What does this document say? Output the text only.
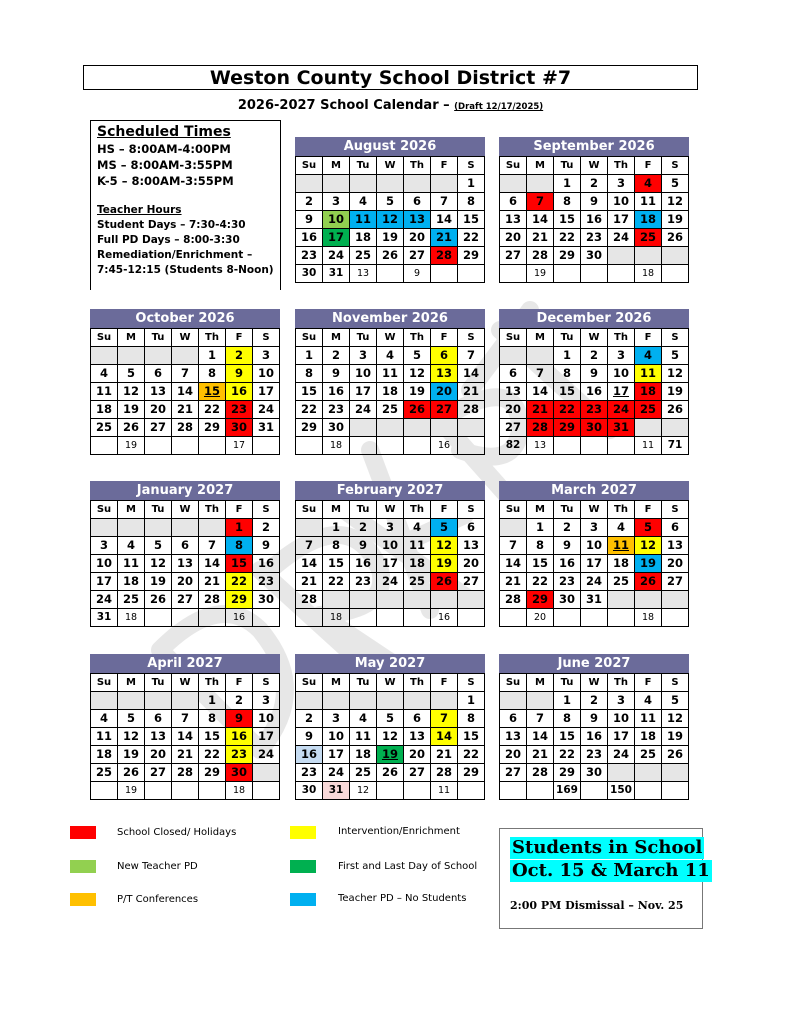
Weston County School District #7
2026-2027 School Calendar – (Draft 12/17/2025)
Scheduled Times
HS – 8:00AM-4:00PM
MS – 8:00AM-3:55PM
K-5 – 8:00AM-3:55PM
Teacher Hours
Student Days – 7:30-4:30
Full PD Days – 8:00-3:30
Remediation/Enrichment –
7:45-12:15 (Students 8-Noon)
August 2026
Su	M	Tu	W	Th	F	S
						1
2	3	4	5	6	7	8
9	10	11	12	13	14	15
16	17	18	19	20	21	22
23	24	25	26	27	28	29
30	31	13		9		
September 2026
Su	M	Tu	W	Th	F	S
		1	2	3	4	5
6	7	8	9	10	11	12
13	14	15	16	17	18	19
20	21	22	23	24	25	26
27	28	29	30			
	19				18	
October 2026
Su	M	Tu	W	Th	F	S
				1	2	3
4	5	6	7	8	9	10
11	12	13	14	15	16	17
18	19	20	21	22	23	24
25	26	27	28	29	30	31
	19				17	
November 2026
Su	M	Tu	W	Th	F	S
1	2	3	4	5	6	7
8	9	10	11	12	13	14
15	16	17	18	19	20	21
22	23	24	25	26	27	28
29	30					
	18				16	
December 2026
Su	M	Tu	W	Th	F	S
		1	2	3	4	5
6	7	8	9	10	11	12
13	14	15	16	17	18	19
20	21	22	23	24	25	26
27	28	29	30	31		
82	13				11	71
January 2027
Su	M	Tu	W	Th	F	S
					1	2
3	4	5	6	7	8	9
10	11	12	13	14	15	16
17	18	19	20	21	22	23
24	25	26	27	28	29	30
31	18				16	
February 2027
Su	M	Tu	W	Th	F	S
	1	2	3	4	5	6
7	8	9	10	11	12	13
14	15	16	17	18	19	20
21	22	23	24	25	26	27
28						
	18				16	
March 2027
Su	M	Tu	W	Th	F	S
	1	2	3	4	5	6
7	8	9	10	11	12	13
14	15	16	17	18	19	20
21	22	23	24	25	26	27
28	29	30	31			
	20				18	
April 2027
Su	M	Tu	W	Th	F	S
				1	2	3
4	5	6	7	8	9	10
11	12	13	14	15	16	17
18	19	20	21	22	23	24
25	26	27	28	29	30	
	19				18	
May 2027
Su	M	Tu	W	Th	F	S
						1
2	3	4	5	6	7	8
9	10	11	12	13	14	15
16	17	18	19	20	21	22
23	24	25	26	27	28	29
30	31	12			11	
June 2027
Su	M	Tu	W	Th	F	S
		1	2	3	4	5
6	7	8	9	10	11	12
13	14	15	16	17	18	19
20	21	22	23	24	25	26
27	28	29	30			
		169		150		
School Closed/ Holidays
New Teacher PD
P/T Conferences
Intervention/Enrichment
First and Last Day of School
Teacher PD – No Students
Students in School
Oct. 15 & March 11
2:00 PM Dismissal – Nov. 25
